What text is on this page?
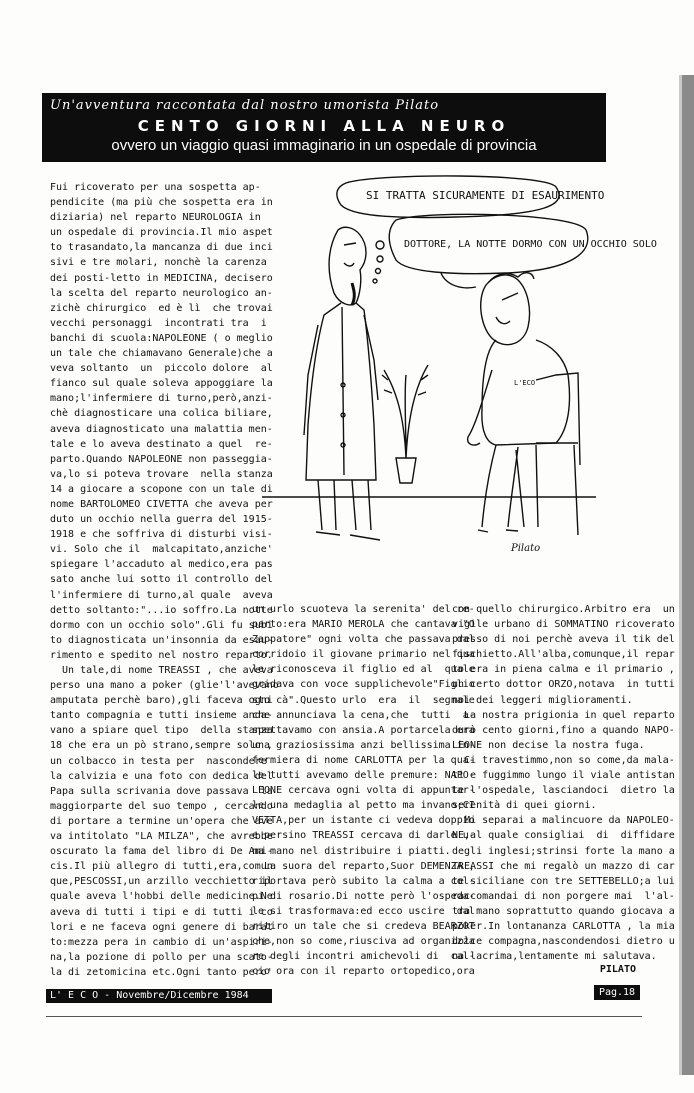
Un'avventura raccontata dal nostro umorista Pilato
CENTO GIORNI ALLA NEURO
ovvero un viaggio quasi immaginario in un ospedale di provincia
Fui ricoverato per una sospetta ap-
pendicite (ma più che sospetta era in
diziaria) nel reparto NEUROLOGIA in
un ospedale di provincia.Il mio aspet
to trasandato,la mancanza di due inci
sivi e tre molari, nonchè la carenza
dei posti-letto in MEDICINA, decisero
la scelta del reparto neurologico an-
zichè chirurgico  ed è lì  che trovai
vecchi personaggi  incontrati tra  i
banchi di scuola:NAPOLEONE ( o meglio
un tale che chiamavano Generale)che a
veva soltanto  un  piccolo dolore  al
fianco sul quale soleva appoggiare la
mano;l'infermiere di turno,però,anzi-
chè diagnosticare una colica biliare,
aveva diagnosticato una malattia men-
tale e lo aveva destinato a quel  re-
parto.Quando NAPOLEONE non passeggia-
va,lo si poteva trovare  nella stanza
14 a giocare a scopone con un tale di
nome BARTOLOMEO CIVETTA che aveva per
duto un occhio nella guerra del 1915-
1918 e che soffriva di disturbi visi-
vi. Solo che il  malcapitato,anziche'
spiegare l'accaduto al medico,era pas
sato anche lui sotto il controllo del
l'infermiere di turno,al quale  aveva
detto soltanto:"...io soffro.La notte
dormo con un occhio solo".Gli fu subi
to diagnosticata un'insonnia da esau-
rimento e spedito nel nostro reparto.
Un tale,di nome TREASSI , che aveva
perso una mano a poker (glie'l'avevano
amputata perchè baro),gli faceva ogni
tanto compagnia e tutti insieme anda-
vano a spiare quel tipo  della stanza
18 che era un pò strano,sempre solo ,
un colbacco in testa per  nascondere
la calvizia e una foto con dedica del
Papa sulla scrivania dove passava  la
maggiorparte del suo tempo , cercando
di portare a termine un'opera che ave
va intitolato "LA MILZA", che avrebbe
oscurato la fama del libro di De Ami-
cis.Il più allegro di tutti,era,comun
que,PESCOSSI,un arzillo vecchietto il
quale aveva l'hobbi delle medicine.Ne
aveva di tutti i tipi e di tutti i co
lori e ne faceva ogni genere di barat
to:mezza pera in cambio di un'aspiri-
na,la pozione di pollo per una scato-
la di zetomicina etc.Ogni tanto pero'
SI TRATTA SICURAMENTE DI ESAURIMENTO
DOTTORE, LA NOTTE DORMO CON UN OCCHIO SOLO
L'ECO
Pilato
un urlo scuoteva la serenita' del re-
parto:era MARIO MEROLA che cantava "O
Zappatore" ogni volta che passava dal
corridoio il giovane primario nel qua
le riconosceva il figlio ed al  quale
gridava con voce supplichevole"Figlio
sto cà".Questo urlo  era  il  segnale
che annunciava la cena,che  tutti  a-
spettavamo con ansia.A portarcela era
una graziosissima anzi bellissima in-
fermiera di nome CARLOTTA per la qua-
le tutti avevamo delle premure: NAPO-
LEONE cercava ogni volta di appuntar-
le una medaglia al petto ma invano;CI
VETTA,per un istante ci vedeva doppio
e persino TREASSI cercava di darle u-
na mano nel distribuire i piatti.
La suora del reparto,Suor DEMENZA ,
riportava però subito la calma a col-
pi di rosario.Di notte però l'ospeda-
le si trasformava:ed ecco uscire  dal
ritiro un tale che si credeva BEARZOT
che,non so come,riusciva ad organizza
re degli incontri amichevoli di  cal-
cio ora con il reparto ortopedico,ora
con quello chirurgico.Arbitro era  un
vigile urbano di SOMMATINO ricoverato
presso di noi perchè aveva il tik del
fischietto.All'alba,comunque,il repar
to era in piena calma e il primario ,
un certo dottor ORZO,notava  in tutti
noi dei leggeri miglioramenti.
La nostra prigionia in quel reparto
durò cento giorni,fino a quando NAPO-
LEONE non decise la nostra fuga.
Ci travestimmo,non so come,da mala-
ti e fuggimmo lungo il viale antistan
te l'ospedale, lasciandoci  dietro la
serenità di quei giorni.
Mi separai a malincuore da NAPOLEO-
NE,al quale consigliai  di  diffidare
degli inglesi;strinsi forte la mano a
TREASSI che mi regalò un mazzo di car
te siciliane con tre SETTEBELLO;a lui
raccomandai di non porgere mai  l'al-
tra mano soprattutto quando giocava a
poker.In lontananza CARLOTTA , la mia
dolce compagna,nascondendosi dietro u
na lacrima,lentamente mi salutava.
PILATO
L' E C O - Novembre/Dicembre 1984	Pag.18
